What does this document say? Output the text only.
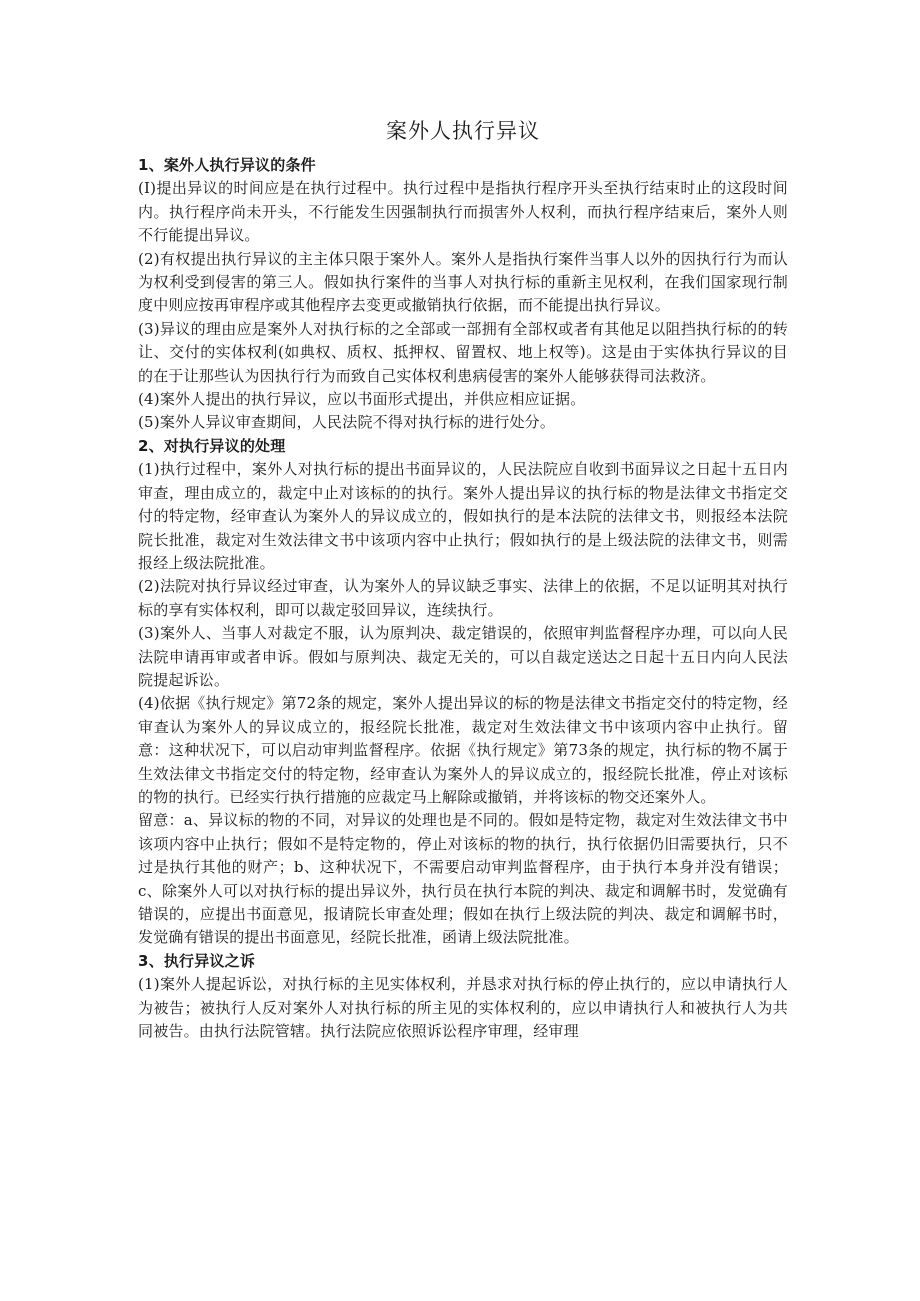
案外人执行异议

1、案外人执行异议的条件

(I)提出异议的时间应是在执行过程中。执行过程中是指执行程序开头至执行结束时止的这段时间内。执行程序尚未开头，不行能发生因强制执行而损害外人权利，而执行程序结束后，案外人则不行能提出异议。

(2)有权提出执行异议的主主体只限于案外人。案外人是指执行案件当事人以外的因执行行为而认为权利受到侵害的第三人。假如执行案件的当事人对执行标的重新主见权利，在我们国家现行制度中则应按再审程序或其他程序去变更或撤销执行依据，而不能提出执行异议。

(3)异议的理由应是案外人对执行标的之全部或一部拥有全部权或者有其他足以阻挡执行标的的转让、交付的实体权利(如典权、质权、抵押权、留置权、地上权等)。这是由于实体执行异议的目的在于让那些认为因执行行为而致自己实体权利患病侵害的案外人能够获得司法救济。

(4)案外人提出的执行异议，应以书面形式提出，并供应相应证据。

(5)案外人异议审查期间，人民法院不得对执行标的进行处分。

2、对执行异议的处理

(1)执行过程中，案外人对执行标的提出书面异议的，人民法院应自收到书面异议之日起十五日内审查，理由成立的，裁定中止对该标的的执行。案外人提出异议的执行标的物是法律文书指定交付的特定物，经审查认为案外人的异议成立的，假如执行的是本法院的法律文书，则报经本法院院长批准，裁定对生效法律文书中该项内容中止执行；假如执行的是上级法院的法律文书，则需报经上级法院批准。

(2)法院对执行异议经过审查，认为案外人的异议缺乏事实、法律上的依据，不足以证明其对执行标的享有实体权利，即可以裁定驳回异议，连续执行。

(3)案外人、当事人对裁定不服，认为原判决、裁定错误的，依照审判监督程序办理，可以向人民法院申请再审或者申诉。假如与原判决、裁定无关的，可以自裁定送达之日起十五日内向人民法院提起诉讼。

(4)依据《执行规定》第72条的规定，案外人提出异议的标的物是法律文书指定交付的特定物，经审查认为案外人的异议成立的，报经院长批准，裁定对生效法律文书中该项内容中止执行。留意：这种状况下，可以启动审判监督程序。依据《执行规定》第73条的规定，执行标的物不属于生效法律文书指定交付的特定物，经审查认为案外人的异议成立的，报经院长批准，停止对该标的物的执行。已经实行执行措施的应裁定马上解除或撤销，并将该标的物交还案外人。

留意：a、异议标的物的不同，对异议的处理也是不同的。假如是特定物，裁定对生效法律文书中该项内容中止执行；假如不是特定物的，停止对该标的物的执行，执行依据仍旧需要执行，只不过是执行其他的财产；b、这种状况下，不需要启动审判监督程序，由于执行本身并没有错误；c、除案外人可以对执行标的提出异议外，执行员在执行本院的判决、裁定和调解书时，发觉确有错误的，应提出书面意见，报请院长审查处理；假如在执行上级法院的判决、裁定和调解书时，发觉确有错误的提出书面意见，经院长批准，函请上级法院批准。

3、执行异议之诉

(1)案外人提起诉讼，对执行标的主见实体权利，并恳求对执行标的停止执行的，应以申请执行人为被告；被执行人反对案外人对执行标的所主见的实体权利的，应以申请执行人和被执行人为共同被告。由执行法院管辖。执行法院应依照诉讼程序审理，经审理
